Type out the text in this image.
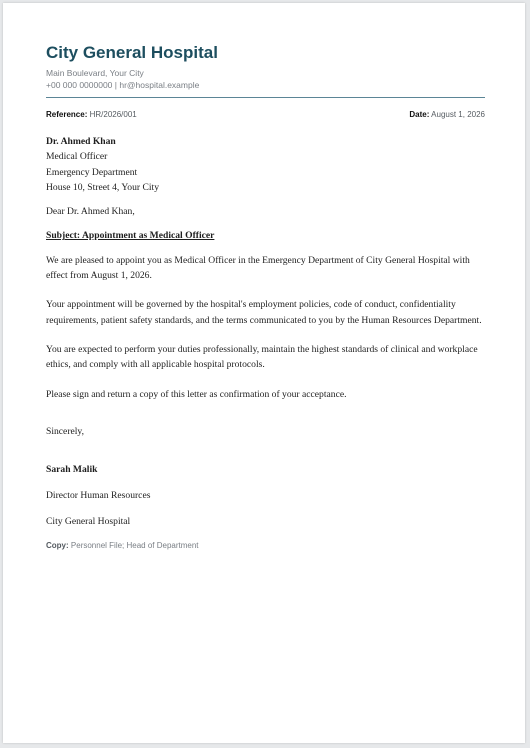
City General Hospital
Main Boulevard, Your City
+00 000 0000000 | hr@hospital.example
Reference: HR/2026/001	Date: August 1, 2026
Dr. Ahmed Khan
Medical Officer
Emergency Department
House 10, Street 4, Your City
Dear Dr. Ahmed Khan,
Subject: Appointment as Medical Officer
We are pleased to appoint you as Medical Officer in the Emergency Department of City General Hospital with effect from August 1, 2026.
Your appointment will be governed by the hospital's employment policies, code of conduct, confidentiality requirements, patient safety standards, and the terms communicated to you by the Human Resources Department.
You are expected to perform your duties professionally, maintain the highest standards of clinical and workplace ethics, and comply with all applicable hospital protocols.
Please sign and return a copy of this letter as confirmation of your acceptance.
Sincerely,
Sarah Malik
Director Human Resources
City General Hospital
Copy: Personnel File; Head of Department
